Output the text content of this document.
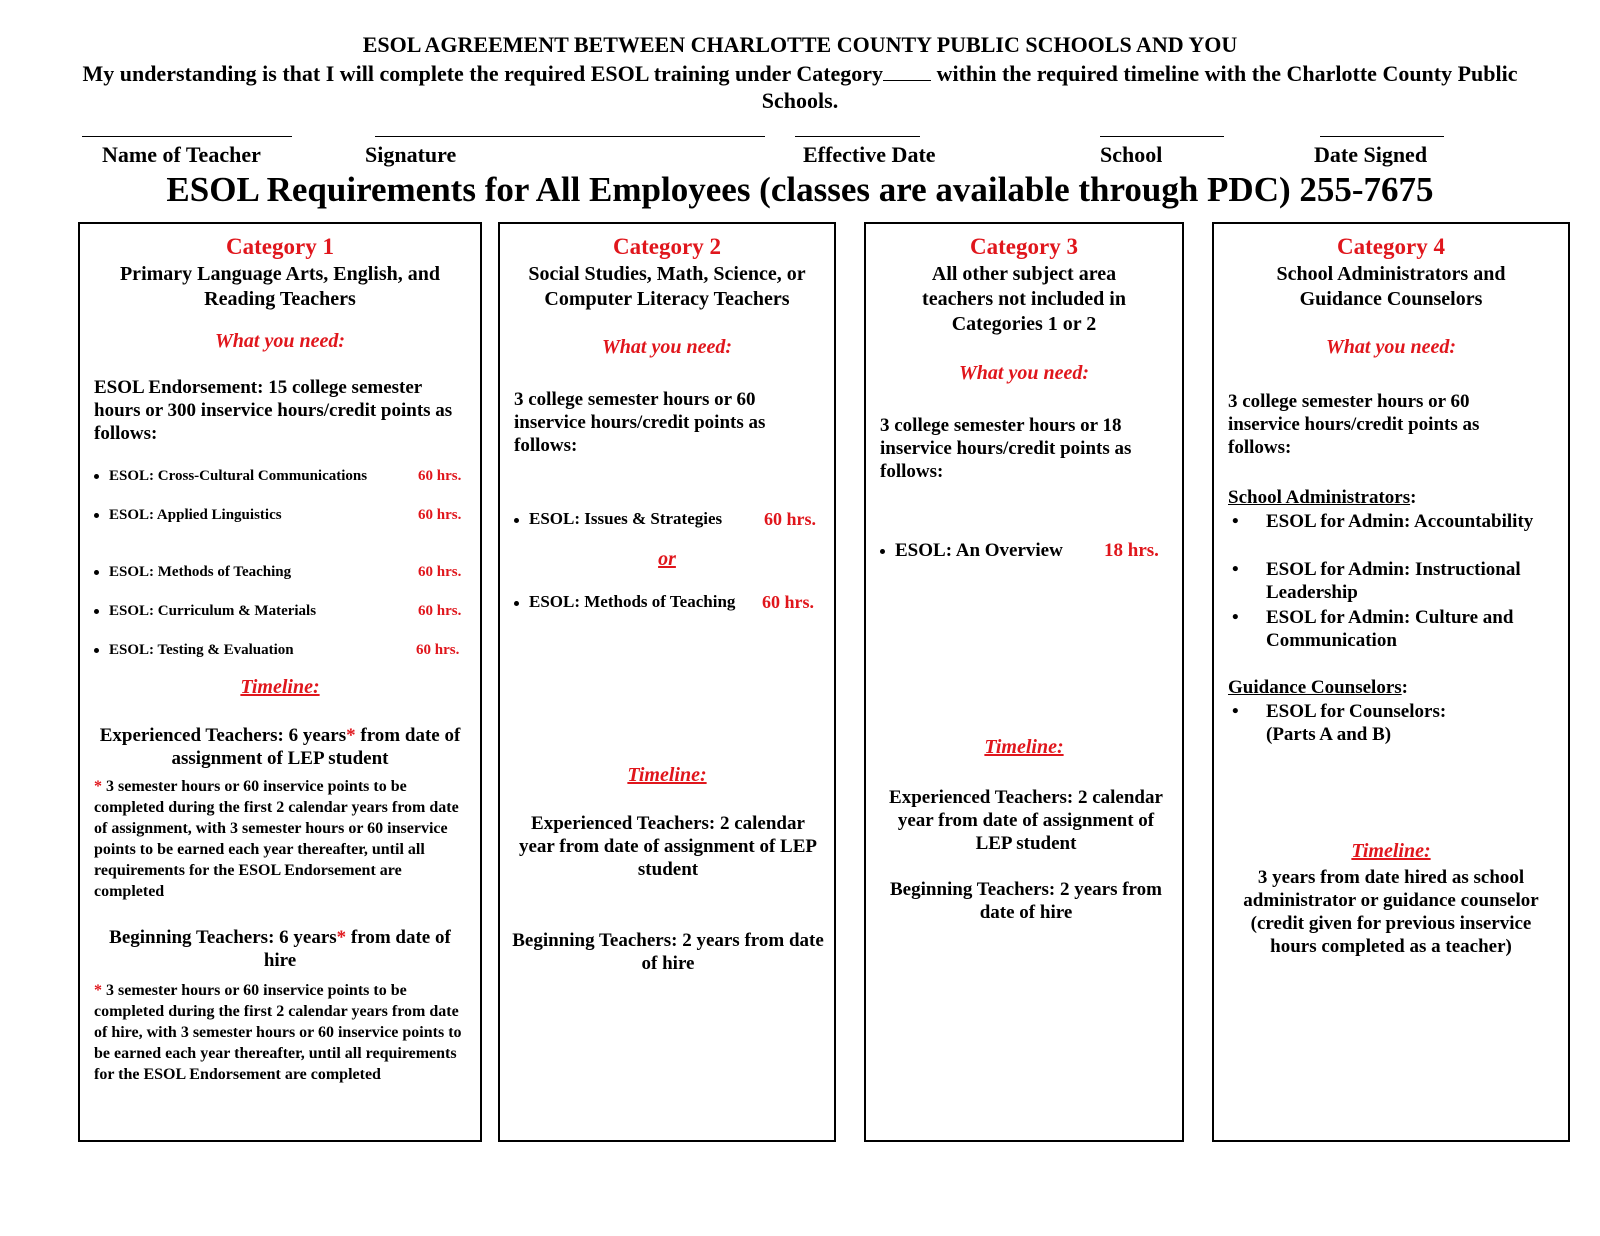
ESOL AGREEMENT BETWEEN CHARLOTTE COUNTY PUBLIC SCHOOLS AND YOU
My understanding is that I will complete the required ESOL training under Category within the required timeline with the Charlotte County Public Schools.
Name of Teacher	Signature	Effective Date	School	Date Signed
ESOL Requirements for All Employees (classes are available through PDC) 255-7675
Category 1
Primary Language Arts, English, and Reading Teachers
What you need:
ESOL Endorsement: 15 college semester hours or 300 inservice hours/credit points as follows:
ESOL: Cross-Cultural Communications	60 hrs.
ESOL: Applied Linguistics	60 hrs.
ESOL: Methods of Teaching	60 hrs.
ESOL: Curriculum & Materials	60 hrs.
ESOL: Testing & Evaluation	60 hrs.
Timeline:
Experienced Teachers: 6 years* from date of assignment of LEP student
* 3 semester hours or 60 inservice points to be completed during the first 2 calendar years from date of assignment, with 3 semester hours or 60 inservice points to be earned each year thereafter, until all requirements for the ESOL Endorsement are completed
Beginning Teachers: 6 years* from date of hire
* 3 semester hours or 60 inservice points to be completed during the first 2 calendar years from date of hire, with 3 semester hours or 60 inservice points to be earned each year thereafter, until all requirements for the ESOL Endorsement are completed
Category 2
Social Studies, Math, Science, or Computer Literacy Teachers
What you need:
3 college semester hours or 60 inservice hours/credit points as follows:
ESOL: Issues & Strategies 60 hrs.
or
ESOL: Methods of Teaching 60 hrs.
Timeline:
Experienced Teachers: 2 calendar year from date of assignment of LEP student
Beginning Teachers: 2 years from date of hire
Category 3
All other subject area teachers not included in Categories 1 or 2
What you need:
3 college semester hours or 18 inservice hours/credit points as follows:
ESOL: An Overview 18 hrs.
Timeline:
Experienced Teachers: 2 calendar year from date of assignment of LEP student
Beginning Teachers: 2 years from date of hire
Category 4
School Administrators and Guidance Counselors
What you need:
3 college semester hours or 60 inservice hours/credit points as follows:
School Administrators:
• ESOL for Admin: Accountability
• ESOL for Admin: Instructional Leadership
• ESOL for Admin: Culture and Communication
Guidance Counselors:
• ESOL for Counselors: (Parts A and B)
Timeline:
3 years from date hired as school administrator or guidance counselor (credit given for previous inservice hours completed as a teacher)
